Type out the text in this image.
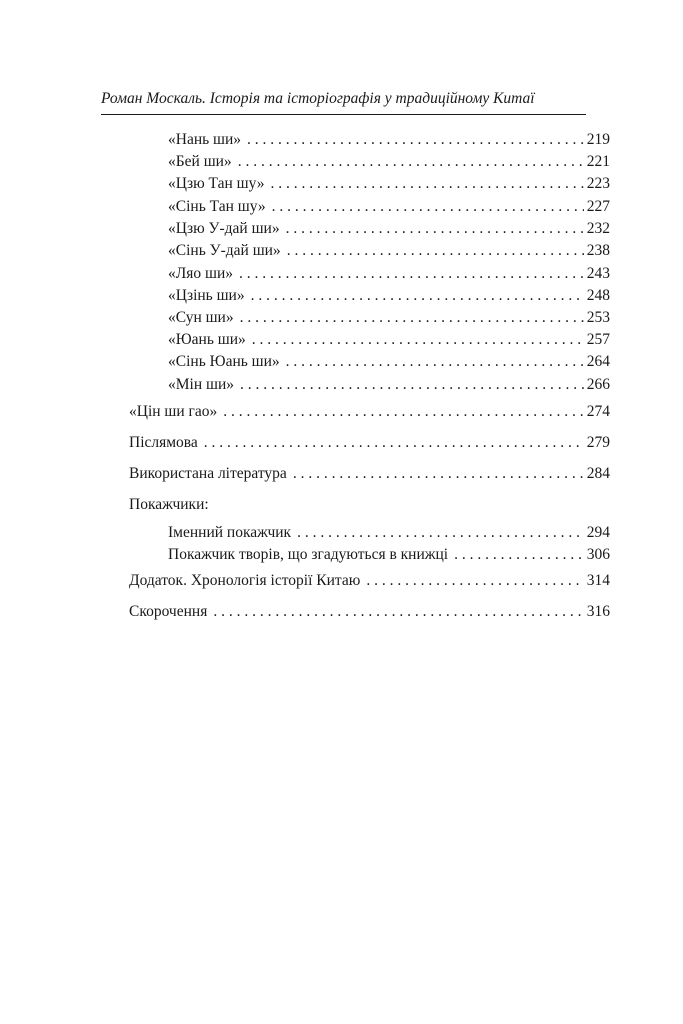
Роман Москаль. Історія та історіографія у традиційному Китаї
«Нань ши» . . .	219
«Бей ши» . . .	221
«Цзю Тан шу» . . .	223
«Сінь Тан шу» . . .	227
«Цзю У-дай ши» . . .	232
«Сінь У-дай ши» . . .	238
«Ляо ши» . . .	243
«Цзінь ши» . . .	248
«Сун ши» . . .	253
«Юань ши» . . .	257
«Сінь Юань ши» . . .	264
«Мін ши» . . .	266
«Цін ши гао» . . .	274
Післямова . . .	279
Використана література . . .	284
Покажчики:
Іменний покажчик . . .	294
Покажчик творів, що згадуються в книжці . . .	306
Додаток. Хронологія історії Китаю . . .	314
Скорочення . . .	316
